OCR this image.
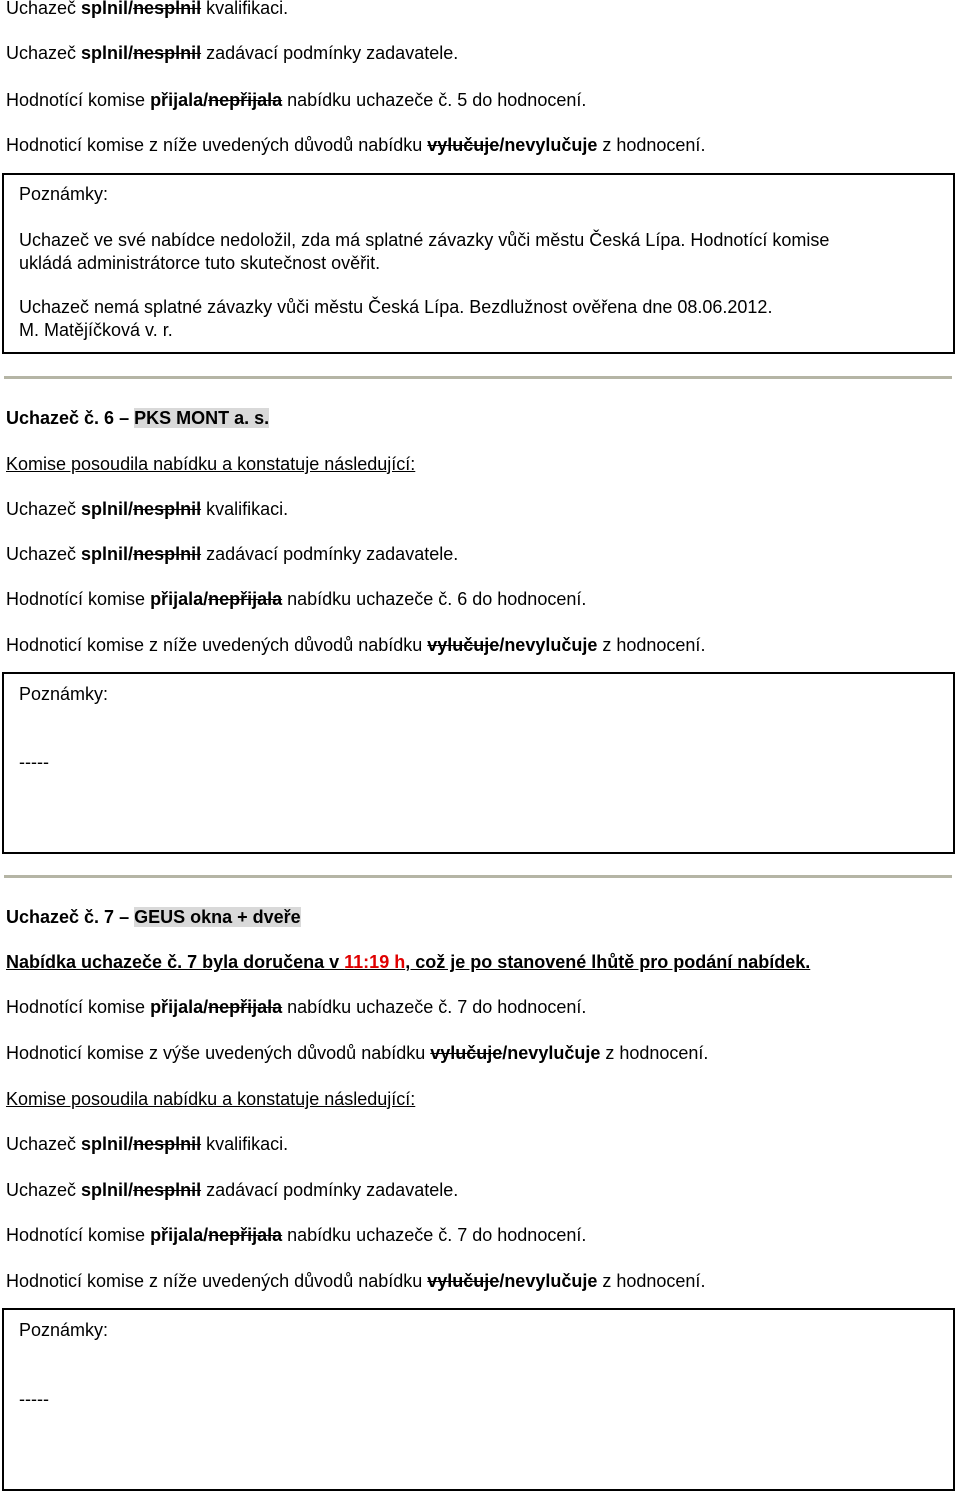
Uchazeč splnil/nesplnil kvalifikaci.
Uchazeč splnil/nesplnil zadávací podmínky zadavatele.
Hodnotící komise přijala/nepřijala nabídku uchazeče č. 5 do hodnocení.
Hodnoticí komise z níže uvedených důvodů nabídku vylučuje/nevylučuje z hodnocení.
Poznámky:
Uchazeč ve své nabídce nedoložil, zda má splatné závazky vůči městu Česká Lípa. Hodnotící komise
ukládá administrátorce tuto skutečnost ověřit.
Uchazeč nemá splatné závazky vůči městu Česká Lípa. Bezdlužnost ověřena dne 08.06.2012.
M. Matějíčková v. r.
Uchazeč č. 6 – PKS MONT a. s.
Komise posoudila nabídku a konstatuje následující:
Uchazeč splnil/nesplnil kvalifikaci.
Uchazeč splnil/nesplnil zadávací podmínky zadavatele.
Hodnotící komise přijala/nepřijala nabídku uchazeče č. 6 do hodnocení.
Hodnoticí komise z níže uvedených důvodů nabídku vylučuje/nevylučuje z hodnocení.
Poznámky:
-----
Uchazeč č. 7 – GEUS okna + dveře
Nabídka uchazeče č. 7 byla doručena v 11:19 h, což je po stanovené lhůtě pro podání nabídek.
Hodnotící komise přijala/nepřijala nabídku uchazeče č. 7 do hodnocení.
Hodnoticí komise z výše uvedených důvodů nabídku vylučuje/nevylučuje z hodnocení.
Komise posoudila nabídku a konstatuje následující:
Uchazeč splnil/nesplnil kvalifikaci.
Uchazeč splnil/nesplnil zadávací podmínky zadavatele.
Hodnotící komise přijala/nepřijala nabídku uchazeče č. 7 do hodnocení.
Hodnoticí komise z níže uvedených důvodů nabídku vylučuje/nevylučuje z hodnocení.
Poznámky:
-----
